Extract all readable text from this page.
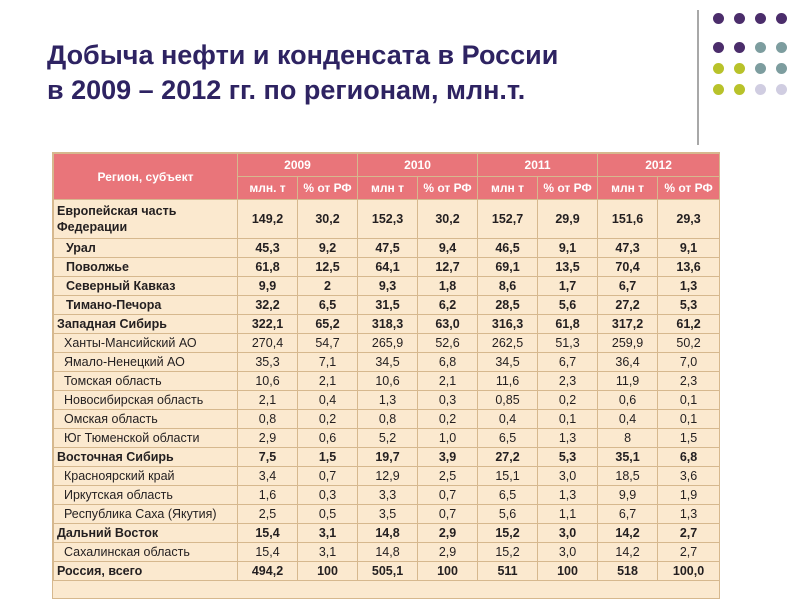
Добыча нефти и конденсата в России
в 2009 – 2012 гг. по регионам, млн.т.
Регион, субъект	2009		2010		2011		2012	
	млн. т	% от РФ	млн т	% от РФ	млн т	% от РФ	млн т	% от РФ
Европейская часть Федерации	149,2	30,2	152,3	30,2	152,7	29,9	151,6	29,3
Урал	45,3	9,2	47,5	9,4	46,5	9,1	47,3	9,1
Поволжье	61,8	12,5	64,1	12,7	69,1	13,5	70,4	13,6
Северный Кавказ	9,9	2	9,3	1,8	8,6	1,7	6,7	1,3
Тимано-Печора	32,2	6,5	31,5	6,2	28,5	5,6	27,2	5,3
Западная Сибирь	322,1	65,2	318,3	63,0	316,3	61,8	317,2	61,2
Ханты-Мансийский АО	270,4	54,7	265,9	52,6	262,5	51,3	259,9	50,2
Ямало-Ненецкий АО	35,3	7,1	34,5	6,8	34,5	6,7	36,4	7,0
Томская область	10,6	2,1	10,6	2,1	11,6	2,3	11,9	2,3
Новосибирская область	2,1	0,4	1,3	0,3	0,85	0,2	0,6	0,1
Омская область	0,8	0,2	0,8	0,2	0,4	0,1	0,4	0,1
Юг Тюменской области	2,9	0,6	5,2	1,0	6,5	1,3	8	1,5
Восточная Сибирь	7,5	1,5	19,7	3,9	27,2	5,3	35,1	6,8
Красноярский край	3,4	0,7	12,9	2,5	15,1	3,0	18,5	3,6
Иркутская область	1,6	0,3	3,3	0,7	6,5	1,3	9,9	1,9
Республика Саха (Якутия)	2,5	0,5	3,5	0,7	5,6	1,1	6,7	1,3
Дальний Восток	15,4	3,1	14,8	2,9	15,2	3,0	14,2	2,7
Сахалинская область	15,4	3,1	14,8	2,9	15,2	3,0	14,2	2,7
Россия, всего	494,2	100	505,1	100	511	100	518	100,0
